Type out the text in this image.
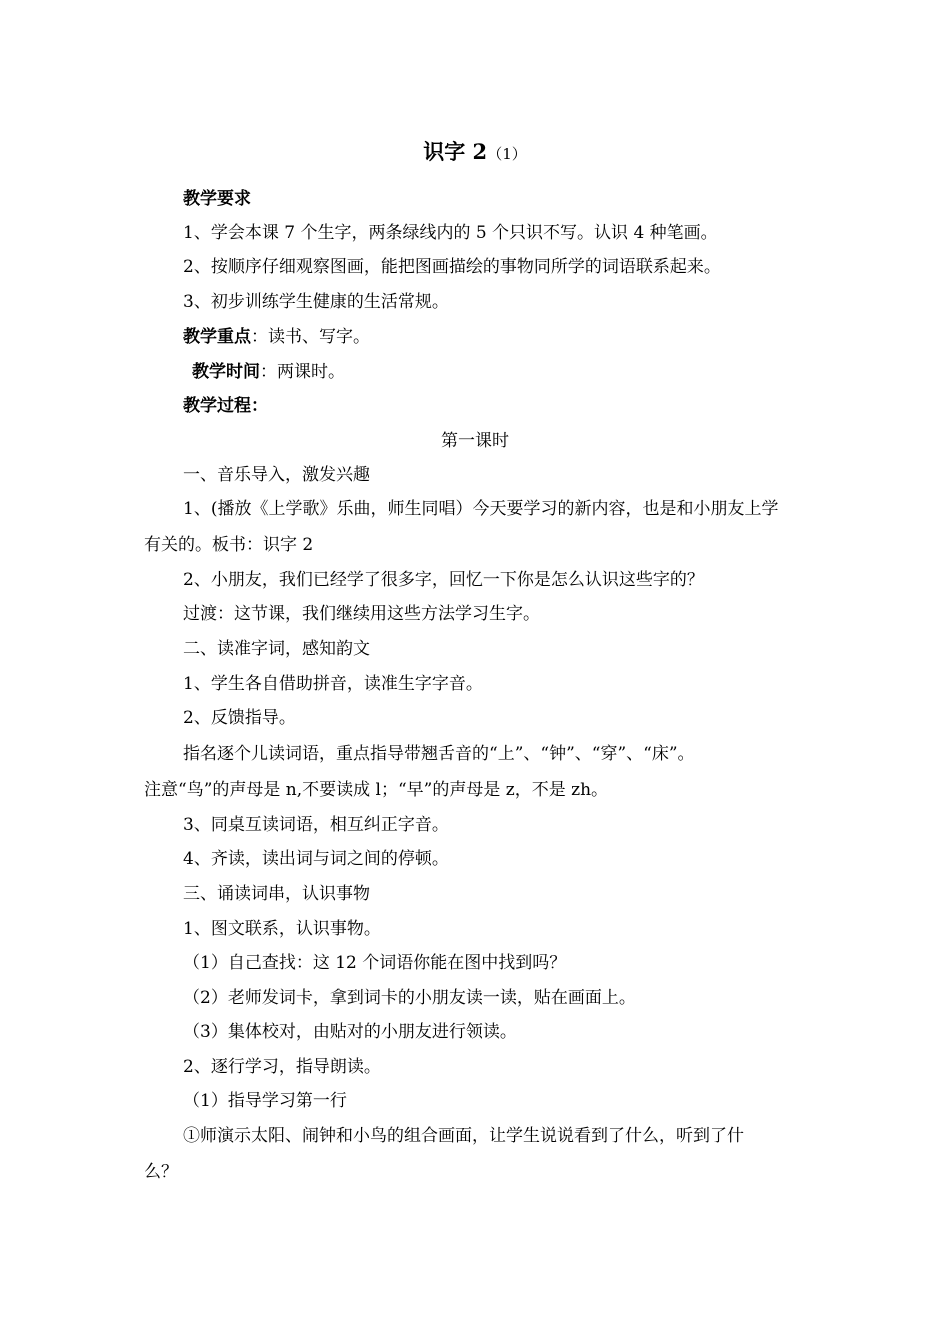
识字 2（1）
教学要求
1、学会本课 7 个生字，两条绿线内的 5 个只识不写。认识 4 种笔画。
2、按顺序仔细观察图画，能把图画描绘的事物同所学的词语联系起来。
3、初步训练学生健康的生活常规。
教学重点：读书、写字。
教学时间：两课时。
教学过程：
第一课时
一、音乐导入，激发兴趣
1、(播放《上学歌》乐曲，师生同唱）今天要学习的新内容，也是和小朋友上学
有关的。板书：识字 2
2、小朋友，我们已经学了很多字，回忆一下你是怎么认识这些字的？
过渡：这节课，我们继续用这些方法学习生字。
二、读准字词，感知韵文
1、学生各自借助拼音，读准生字字音。
2、反馈指导。
指名逐个儿读词语，重点指导带翘舌音的“上”、“钟”、“穿”、“床”。
注意“鸟”的声母是 n,不要读成 l；“早”的声母是 z，不是 zh。
3、同桌互读词语，相互纠正字音。
4、齐读，读出词与词之间的停顿。
三、诵读词串，认识事物
1、图文联系，认识事物。
（1）自己查找：这 12 个词语你能在图中找到吗？
（2）老师发词卡，拿到词卡的小朋友读一读，贴在画面上。
（3）集体校对，由贴对的小朋友进行领读。
2、逐行学习，指导朗读。
（1）指导学习第一行
①师演示太阳、闹钟和小鸟的组合画面，让学生说说看到了什么，听到了什
么？
